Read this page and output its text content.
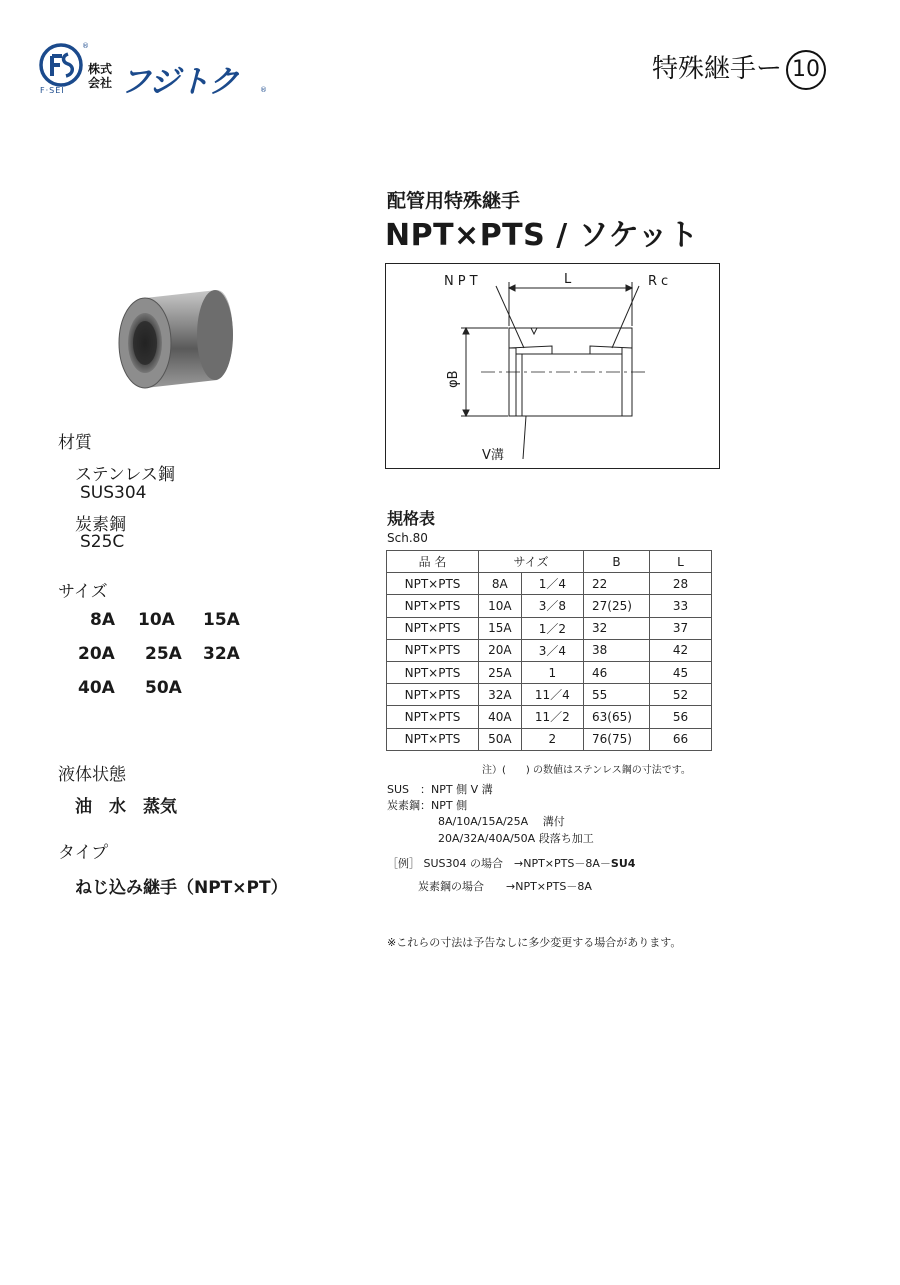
®
F·SEI
株式会社 フジトク	®
特殊継手ー 10
配管用特殊継手
NPT×PTS / ソケット
材質
ステンレス鋼
SUS304
炭素鋼
S25C
サイズ
8A 10A 15A
20A 25A 32A
40A 50A
液体状態
油　水　蒸気
タイプ
ねじ込み継手（NPT×PT）
NPT	L	Rc
φB
V溝
規格表
Sch.80
品 名	サイズ		B	L
NPT×PTS	8A	1／4	22	28
NPT×PTS	10A	3／8	27(25)	33
NPT×PTS	15A	1／2	32	37
NPT×PTS	20A	3／4	38	42
NPT×PTS	25A	1	46	45
NPT×PTS	32A	11／4	55	52
NPT×PTS	40A	11／2	63(65)	56
NPT×PTS	50A	2	76(75)	66
注）(　　) の数値はステンレス鋼の寸法です。
SUS　：NPT 側 V 溝
炭素鋼：NPT 側
8A/10A/15A/25A　 溝付
20A/32A/40A/50A 段落ち加工
［例］ SUS304 の場合　→NPT×PTS－8A－SU4
炭素鋼の場合　　→NPT×PTS－8A
※これらの寸法は予告なしに多少変更する場合があります。
